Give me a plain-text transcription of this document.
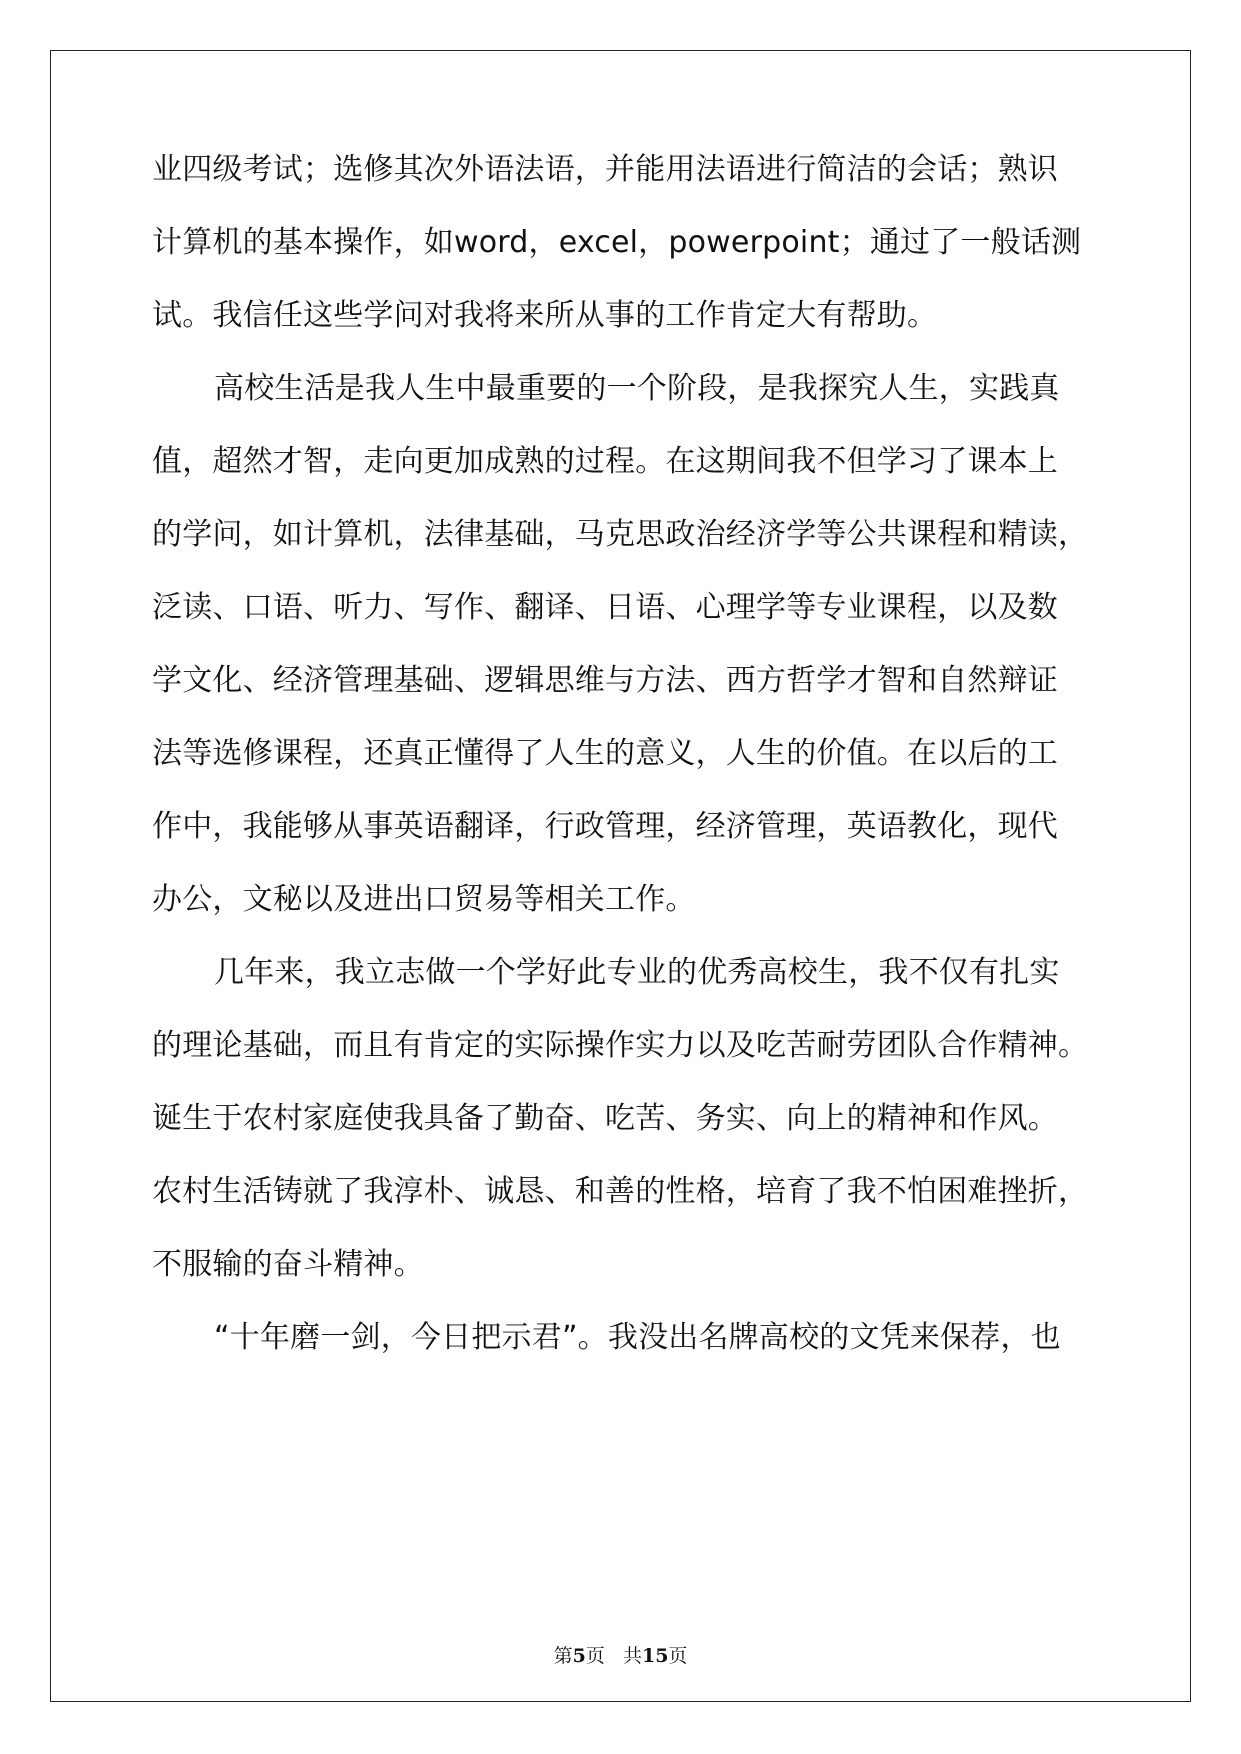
业四级考试；选修其次外语法语，并能用法语进行简洁的会话；熟识
计算机的基本操作，如word，excel，powerpoint；通过了一般话测
试。我信任这些学问对我将来所从事的工作肯定大有帮助。
高校生活是我人生中最重要的一个阶段，是我探究人生，实践真
值，超然才智，走向更加成熟的过程。在这期间我不但学习了课本上
的学问，如计算机，法律基础，马克思政治经济学等公共课程和精读，
泛读、口语、听力、写作、翻译、日语、心理学等专业课程，以及数
学文化、经济管理基础、逻辑思维与方法、西方哲学才智和自然辩证
法等选修课程，还真正懂得了人生的意义，人生的价值。在以后的工
作中，我能够从事英语翻译，行政管理，经济管理，英语教化，现代
办公，文秘以及进出口贸易等相关工作。
几年来，我立志做一个学好此专业的优秀高校生，我不仅有扎实
的理论基础，而且有肯定的实际操作实力以及吃苦耐劳团队合作精神。
诞生于农村家庭使我具备了勤奋、吃苦、务实、向上的精神和作风。
农村生活铸就了我淳朴、诚恳、和善的性格，培育了我不怕困难挫折，
不服输的奋斗精神。
“十年磨一剑，今日把示君”。我没出名牌高校的文凭来保荐，也
第5页 共15页
